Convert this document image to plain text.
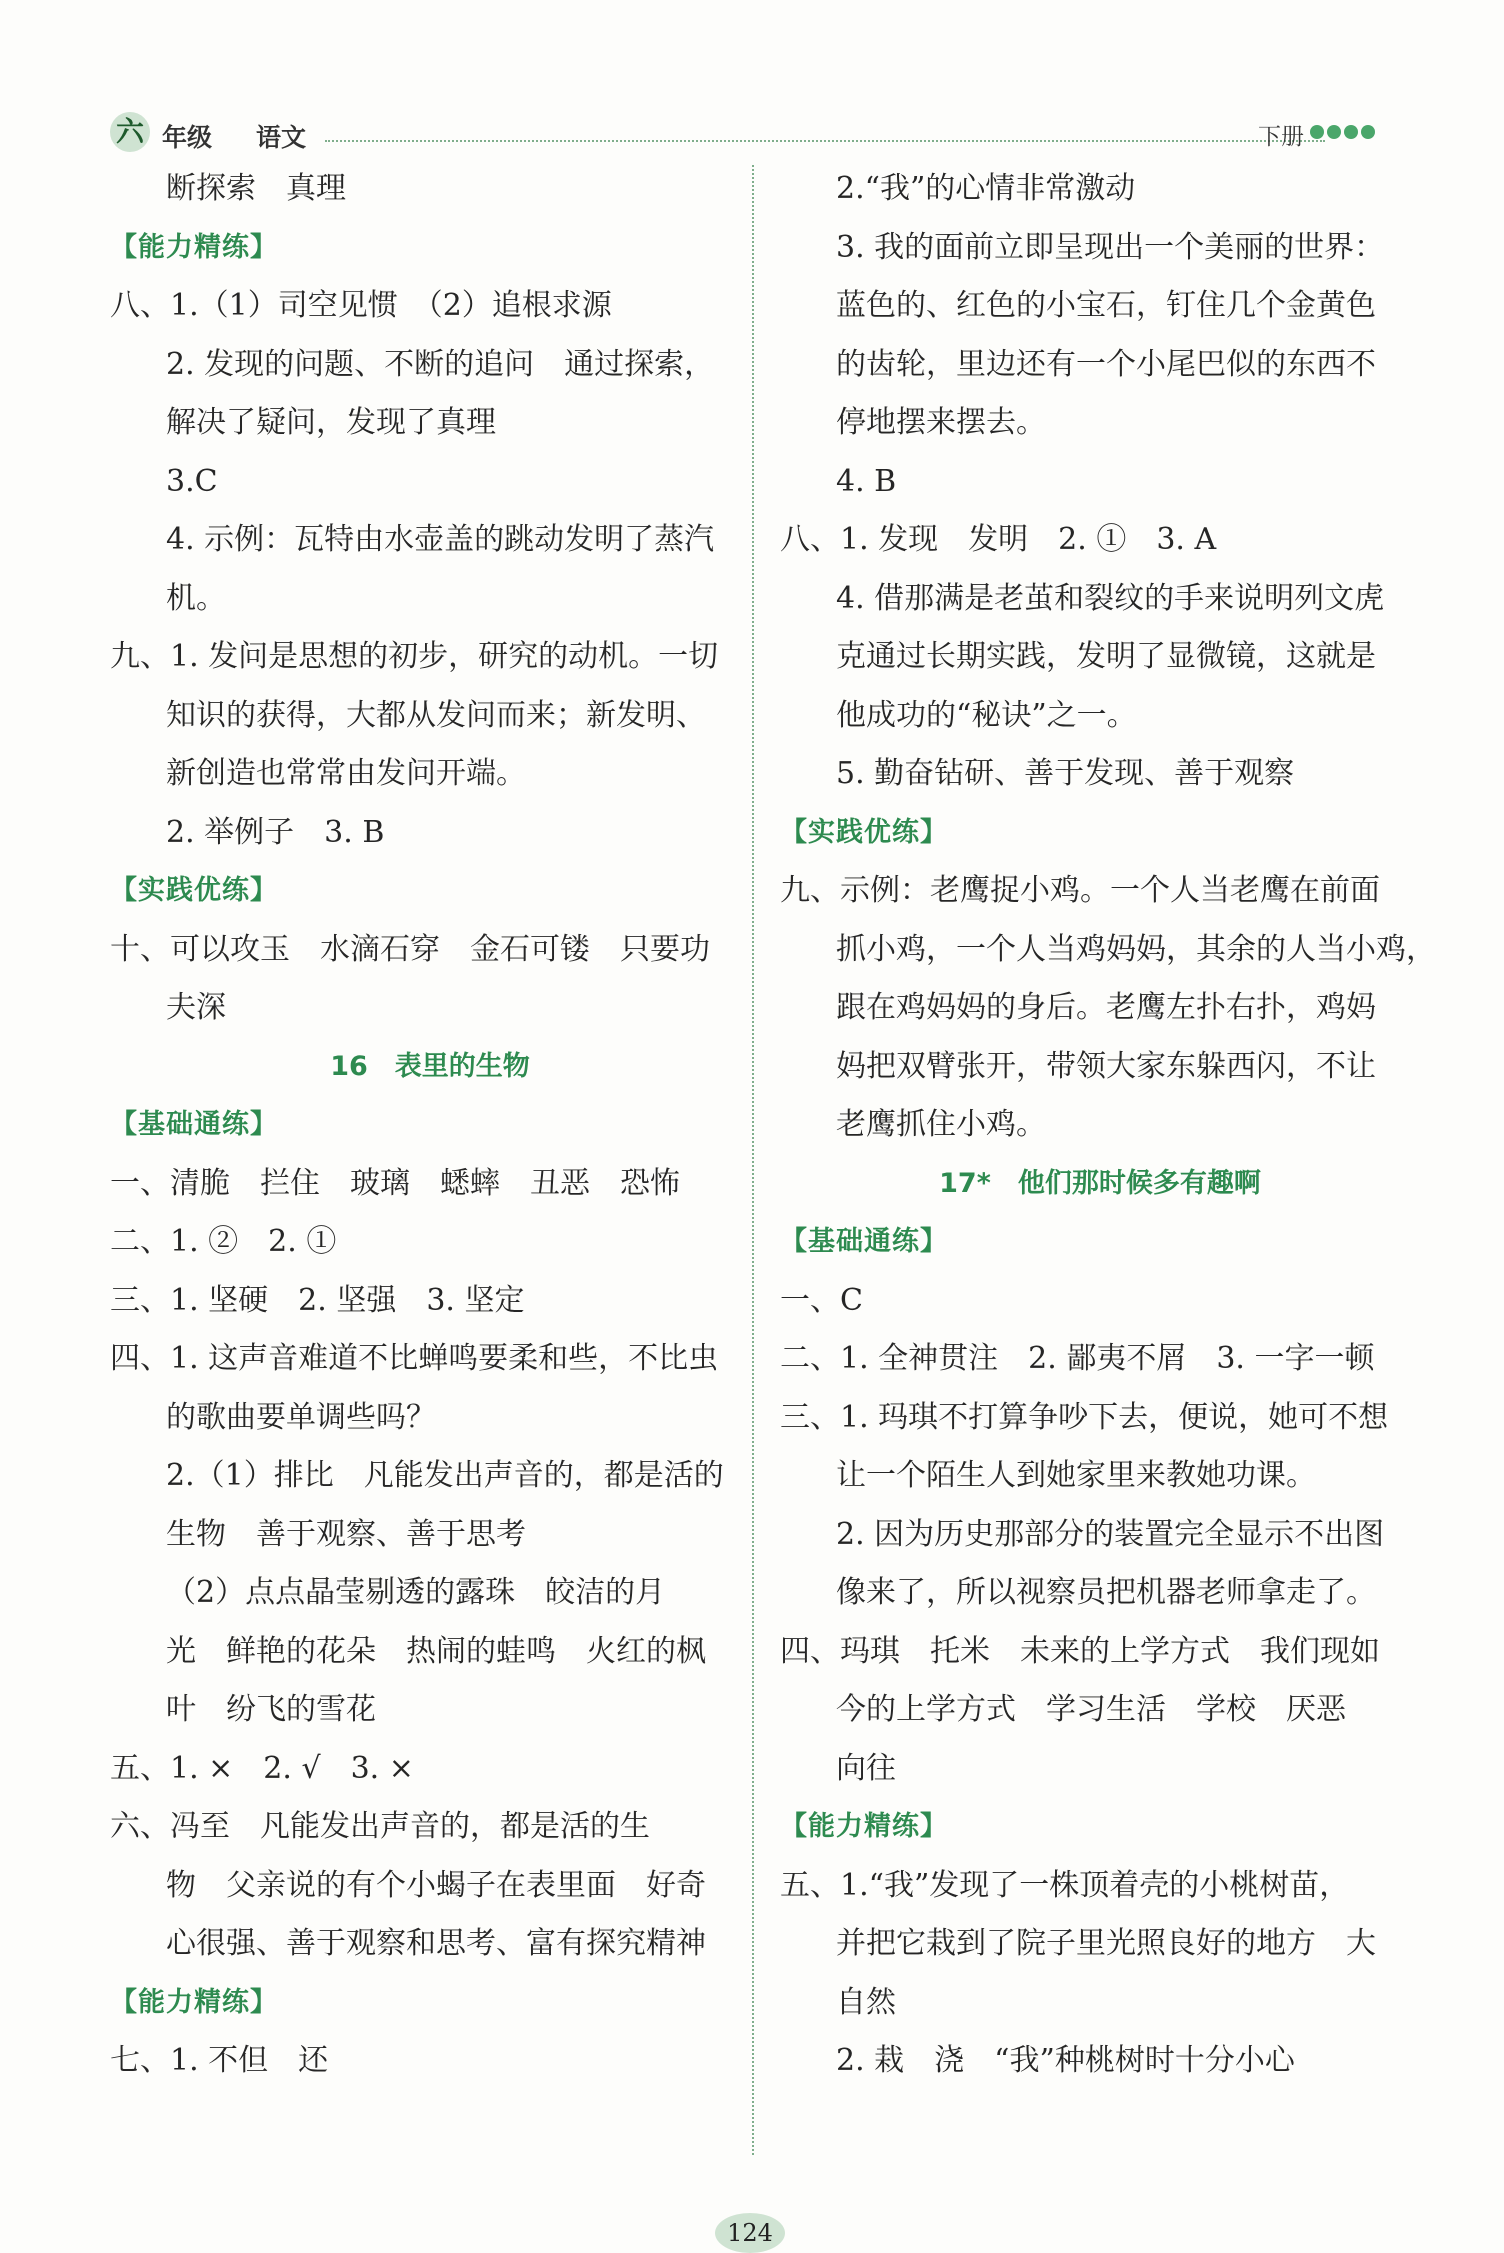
六 年级 语文	下册
断探索　真理
【能力精练】
八、1.（1）司空见惯　（2）追根求源
2. 发现的问题、不断的追问　通过探索，
解决了疑问，发现了真理
3.C
4. 示例：瓦特由水壶盖的跳动发明了蒸汽
机。
九、1. 发问是思想的初步，研究的动机。一切
知识的获得，大都从发问而来；新发明、
新创造也常常由发问开端。
2. 举例子　3. B
【实践优练】
十、可以攻玉　水滴石穿　金石可镂　只要功
夫深
16　表里的生物
【基础通练】
一、清脆　拦住　玻璃　蟋蟀　丑恶　恐怖
二、1. ②　2. ①
三、1. 坚硬　2. 坚强　3. 坚定
四、1. 这声音难道不比蝉鸣要柔和些，不比虫
的歌曲要单调些吗？
2.（1）排比　凡能发出声音的，都是活的
生物　善于观察、善于思考
（2）点点晶莹剔透的露珠　皎洁的月
光　鲜艳的花朵　热闹的蛙鸣　火红的枫
叶　纷飞的雪花
五、1. ×　2. √　3. ×
六、冯至　凡能发出声音的，都是活的生
物　父亲说的有个小蝎子在表里面　好奇
心很强、善于观察和思考、富有探究精神
【能力精练】
七、1. 不但　还
2.“我”的心情非常激动
3. 我的面前立即呈现出一个美丽的世界：
蓝色的、红色的小宝石，钉住几个金黄色
的齿轮，里边还有一个小尾巴似的东西不
停地摆来摆去。
4. B
八、1. 发现　发明　2. ①　3. A
4. 借那满是老茧和裂纹的手来说明列文虎
克通过长期实践，发明了显微镜，这就是
他成功的“秘诀”之一。
5. 勤奋钻研、善于发现、善于观察
【实践优练】
九、示例：老鹰捉小鸡。一个人当老鹰在前面
抓小鸡，一个人当鸡妈妈，其余的人当小鸡，
跟在鸡妈妈的身后。老鹰左扑右扑，鸡妈
妈把双臂张开，带领大家东躲西闪，不让
老鹰抓住小鸡。
17*　他们那时候多有趣啊
【基础通练】
一、C
二、1. 全神贯注　2. 鄙夷不屑　3. 一字一顿
三、1. 玛琪不打算争吵下去，便说，她可不想
让一个陌生人到她家里来教她功课。
2. 因为历史那部分的装置完全显示不出图
像来了，所以视察员把机器老师拿走了。
四、玛琪　托米　未来的上学方式　我们现如
今的上学方式　学习生活　学校　厌恶
向往
【能力精练】
五、1.“我”发现了一株顶着壳的小桃树苗，
并把它栽到了院子里光照良好的地方　大
自然
2. 栽　浇　“我”种桃树时十分小心
124
